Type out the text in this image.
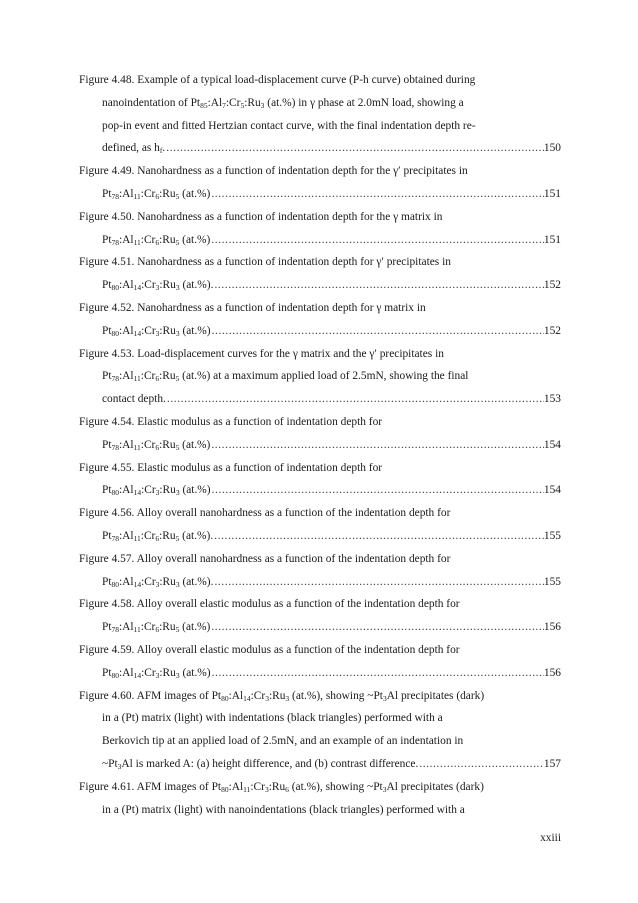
Figure 4.48. Example of a typical load-displacement curve (P-h curve) obtained during
nanoindentation of $Pt_{85}:Al_7:Cr_5:Ru_3$ (at.%) in γ phase at 2.0mN load, showing a
pop-in event and fitted Hertzian contact curve, with the final indentation depth re-
defined, as $h_f$. .....	150
Figure 4.49. Nanohardness as a function of indentation depth for the γ′ precipitates in
$Pt_{78}:Al_{11}:Cr_6:Ru_5$ (at.%) .....	151
Figure 4.50. Nanohardness as a function of indentation depth for the γ matrix in
$Pt_{78}:Al_{11}:Cr_6:Ru_5$ (at.%) .....	151
Figure 4.51. Nanohardness as a function of indentation depth for γ′ precipitates in
$Pt_{80}:Al_{14}:Cr_3:Ru_3$ (at.%). .....	152
Figure 4.52. Nanohardness as a function of indentation depth for γ matrix in
$Pt_{80}:Al_{14}:Cr_3:Ru_3$ (at.%) .....	152
Figure 4.53. Load-displacement curves for the γ matrix and the γ′ precipitates in
$Pt_{78}:Al_{11}:Cr_6:Ru_5$ (at.%) at a maximum applied load of 2.5mN, showing the final
contact depth. .....	153
Figure 4.54. Elastic modulus as a function of indentation depth for
$Pt_{78}:Al_{11}:Cr_6:Ru_5$ (at.%) .....	154
Figure 4.55. Elastic modulus as a function of indentation depth for
$Pt_{80}:Al_{14}:Cr_3:Ru_3$ (at.%) .....	154
Figure 4.56. Alloy overall nanohardness as a function of the indentation depth for
$Pt_{78}:Al_{11}:Cr_6:Ru_5$ (at.%). .....	155
Figure 4.57. Alloy overall nanohardness as a function of the indentation depth for
$Pt_{80}:Al_{14}:Cr_3:Ru_3$ (at.%). .....	155
Figure 4.58. Alloy overall elastic modulus as a function of the indentation depth for
$Pt_{78}:Al_{11}:Cr_6:Ru_5$ (at.%) .....	156
Figure 4.59. Alloy overall elastic modulus as a function of the indentation depth for
$Pt_{80}:Al_{14}:Cr_3:Ru_3$ (at.%) .....	156
Figure 4.60. AFM images of $Pt_{80}:Al_{14}:Cr_3:Ru_3$ (at.%), showing $\sim Pt_3Al$ precipitates (dark)
in a (Pt) matrix (light) with indentations (black triangles) performed with a
Berkovich tip at an applied load of 2.5mN, and an example of an indentation in
$\sim Pt_3Al$ is marked A: (a) height difference, and (b) contrast difference. .....	157
Figure 4.61. AFM images of $Pt_{80}:Al_{11}:Cr_3:Ru_6$ (at.%), showing $\sim Pt_3Al$ precipitates (dark)
in a (Pt) matrix (light) with nanoindentations (black triangles) performed with a
xxiii
